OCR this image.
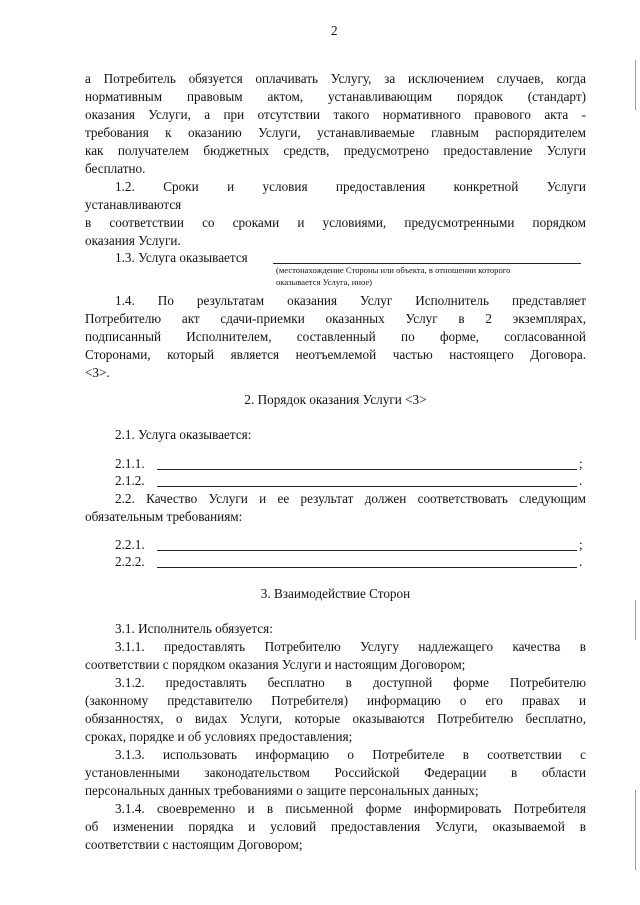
2
а Потребитель обязуется оплачивать Услугу, за исключением случаев, когда
нормативным правовым актом, устанавливающим порядок (стандарт)
оказания Услуги, а при отсутствии такого нормативного правового акта -
требования к оказанию Услуги, устанавливаемые главным распорядителем
как получателем бюджетных средств, предусмотрено предоставление Услуги
бесплатно.
1.2. Сроки и условия предоставления конкретной Услуги
устанавливаются
в соответствии со сроками и условиями, предусмотренными порядком
оказания Услуги.
1.3. Услуга оказывается
(местонахождение Стороны или объекта, в отношении которого
оказывается Услуга, иное)
1.4. По результатам оказания Услуг Исполнитель представляет
Потребителю акт сдачи-приемки оказанных Услуг в 2 экземплярах,
подписанный Исполнителем, составленный по форме, согласованной
Сторонами, который является неотъемлемой частью настоящего Договора.
<3>.
2. Порядок оказания Услуги <3>
2.1. Услуга оказывается:
2.1.1.	;
2.1.2.	.
2.2. Качество Услуги и ее результат должен соответствовать следующим
обязательным требованиям:
2.2.1.	;
2.2.2.	.
3. Взаимодействие Сторон
3.1. Исполнитель обязуется:
3.1.1. предоставлять Потребителю Услугу надлежащего качества в
соответствии с порядком оказания Услуги и настоящим Договором;
3.1.2. предоставлять бесплатно в доступной форме Потребителю
(законному представителю Потребителя) информацию о его правах и
обязанностях, о видах Услуги, которые оказываются Потребителю бесплатно,
сроках, порядке и об условиях предоставления;
3.1.3. использовать информацию о Потребителе в соответствии с
установленными законодательством Российской Федерации в области
персональных данных требованиями о защите персональных данных;
3.1.4. своевременно и в письменной форме информировать Потребителя
об изменении порядка и условий предоставления Услуги, оказываемой в
соответствии с настоящим Договором;
